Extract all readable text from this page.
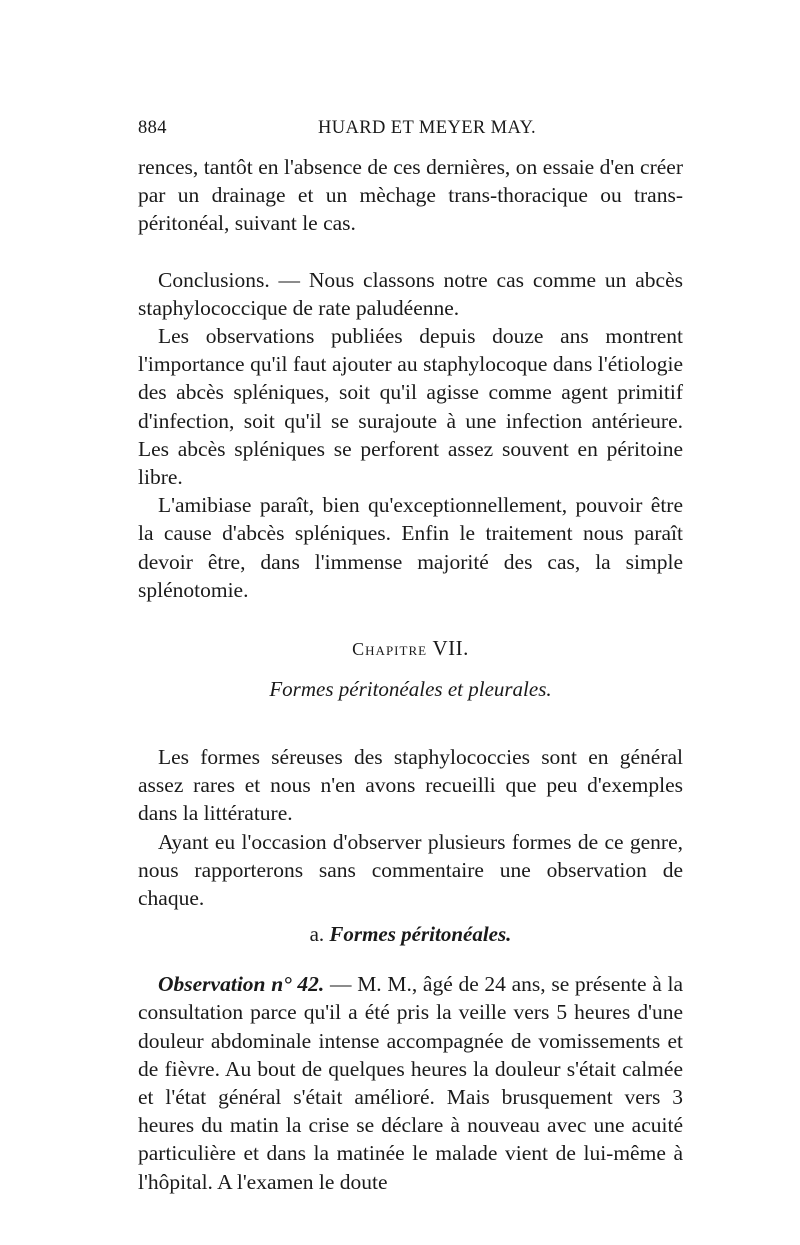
884	HUARD ET MEYER MAY.

rences, tantôt en l'absence de ces dernières, on essaie d'en créer par un drainage et un mèchage trans-thoracique ou trans-péritonéal, suivant le cas.

Conclusions. — Nous classons notre cas comme un abcès staphylococcique de rate paludéenne.

Les observations publiées depuis douze ans montrent l'importance qu'il faut ajouter au staphylocoque dans l'étiologie des abcès spléniques, soit qu'il agisse comme agent primitif d'infection, soit qu'il se surajoute à une infection antérieure. Les abcès spléniques se perforent assez souvent en péritoine libre.

L'amibiase paraît, bien qu'exceptionnellement, pouvoir être la cause d'abcès spléniques. Enfin le traitement nous paraît devoir être, dans l'immense majorité des cas, la simple splénotomie.

Chapitre VII.
Formes péritonéales et pleurales.

Les formes séreuses des staphylococcies sont en général assez rares et nous n'en avons recueilli que peu d'exemples dans la littérature.

Ayant eu l'occasion d'observer plusieurs formes de ce genre, nous rapporterons sans commentaire une observation de chaque.

a. Formes péritonéales.

Observation n° 42. — M. M., âgé de 24 ans, se présente à la consultation parce qu'il a été pris la veille vers 5 heures d'une douleur abdominale intense accompagnée de vomissements et de fièvre. Au bout de quelques heures la douleur s'était calmée et l'état général s'était amélioré. Mais brusquement vers 3 heures du matin la crise se déclare à nouveau avec une acuité particulière et dans la matinée le malade vient de lui-même à l'hôpital. A l'examen le doute
